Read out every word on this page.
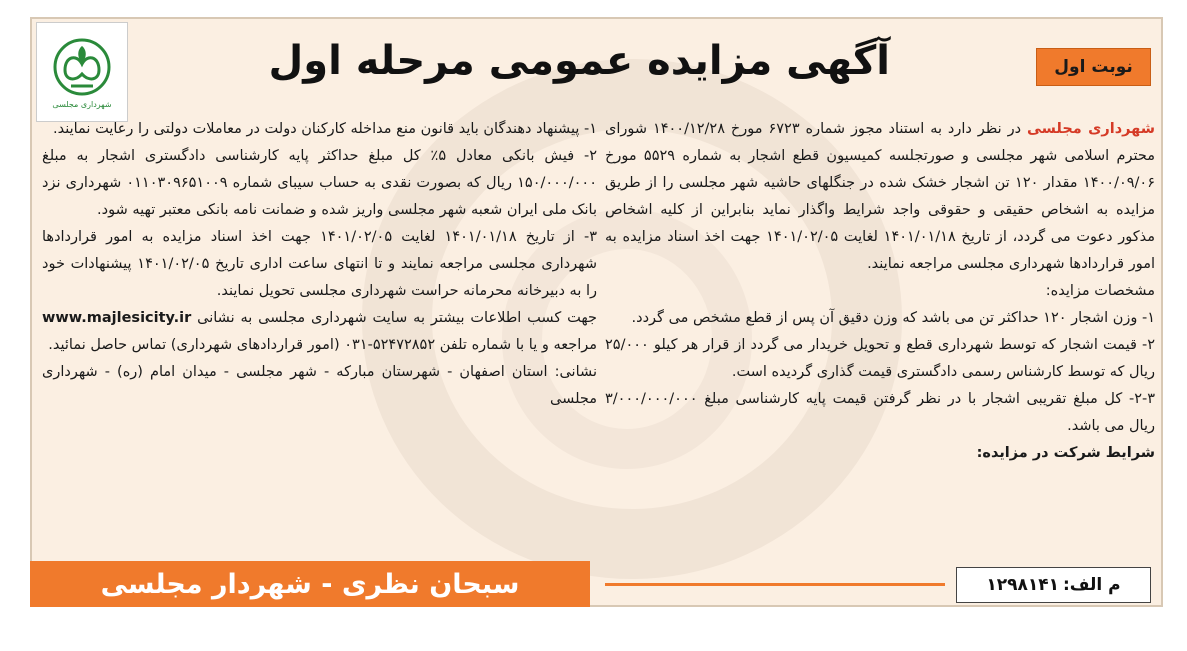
شهرداری مجلسی
نوبت اول
آگهی مزایده عمومی مرحله اول

شهرداری مجلسی در نظر دارد به استناد مجوز شماره ۶۷۲۳ مورخ ۱۴۰۰/۱۲/۲۸ شورای محترم اسلامی شهر مجلسی و صورتجلسه کمیسیون قطع اشجار به شماره ۵۵۲۹ مورخ ۱۴۰۰/۰۹/۰۶ مقدار ۱۲۰ تن اشجار خشک شده در جنگلهای حاشیه شهر مجلسی را از طریق مزایده به اشخاص حقیقی و حقوقی واجد شرایط واگذار نماید بنابراین از کلیه اشخاص مذکور دعوت می گردد، از تاریخ ۱۴۰۱/۰۱/۱۸ لغایت ۱۴۰۱/۰۲/۰۵ جهت اخذ اسناد مزایده به امور قراردادها شهرداری مجلسی مراجعه نمایند.

مشخصات مزایده:

۱- وزن اشجار ۱۲۰ حداکثر تن می باشد که وزن دقیق آن پس از قطع مشخص می گردد.

۲- قیمت اشجار که توسط شهرداری قطع و تحویل خریدار می گردد از قرار هر کیلو ۲۵/۰۰۰ ریال که توسط کارشناس رسمی دادگستری قیمت گذاری گردیده است.

۲-۳- کل مبلغ تقریبی اشجار با در نظر گرفتن قیمت پایه کارشناسی مبلغ ۳/۰۰۰/۰۰۰/۰۰۰ ریال می باشد.

شرایط شرکت در مزایده:

۱- پیشنهاد دهندگان باید قانون منع مداخله کارکنان دولت در معاملات دولتی را رعایت نمایند.

۲- فیش بانکی معادل ۵٪ کل مبلغ حداکثر پایه کارشناسی دادگستری اشجار به مبلغ ۱۵۰/۰۰۰/۰۰۰ ریال که بصورت نقدی به حساب سیبای شماره ۰۱۱۰۳۰۹۶۵۱۰۰۹ شهرداری نزد بانک ملی ایران شعبه شهر مجلسی واریز شده و ضمانت نامه بانکی معتبر تهیه شود.

۳- از تاریخ ۱۴۰۱/۰۱/۱۸ لغایت ۱۴۰۱/۰۲/۰۵ جهت اخذ اسناد مزایده به امور قراردادها شهرداری مجلسی مراجعه نمایند و تا انتهای ساعت اداری تاریخ ۱۴۰۱/۰۲/۰۵ پیشنهادات خود را به دبیرخانه محرمانه حراست شهرداری مجلسی تحویل نمایند.

جهت کسب اطلاعات بیشتر به سایت شهرداری مجلسی به نشانی www.majlesicity.ir مراجعه و یا با شماره تلفن ۵۲۴۷۲۸۵۲-۰۳۱ (امور قراردادهای شهرداری) تماس حاصل نمائید.

نشانی: استان اصفهان - شهرستان مبارکه - شهر مجلسی - میدان امام (ره) - شهرداری مجلسی

سبحان نظری - شهردار مجلسی	م الف:
۱۲۹۸۱۴۱
